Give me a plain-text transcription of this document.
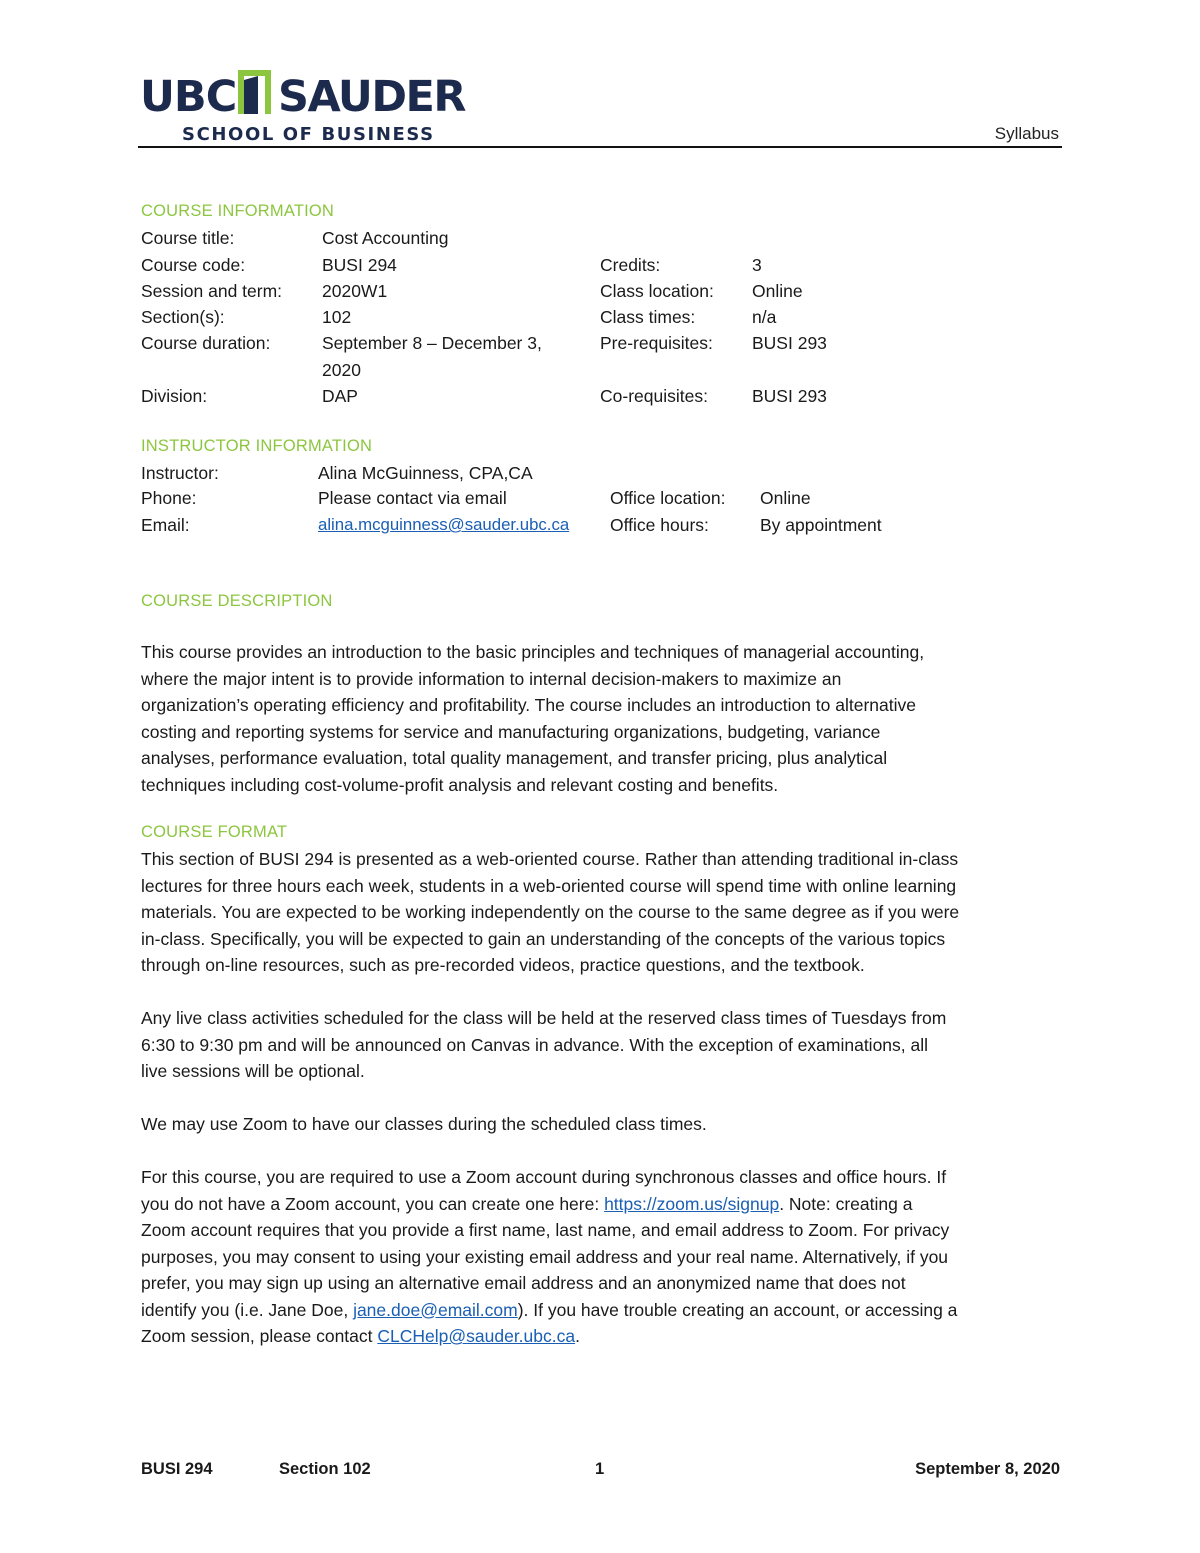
UBC SAUDER
SCHOOL OF BUSINESS	Syllabus
COURSE INFORMATION
Course title:	Cost Accounting
Course code:	BUSI 294	Credits:	3
Session and term: 2020W1	Class location: Online
Section(s):	102	Class times:	n/a
Course duration:	September 8 – December 3,	Pre-requisites: BUSI 293
2020
Division:	DAP	Co-requisites:	BUSI 293
INSTRUCTOR INFORMATION
Instructor:	Alina McGuinness, CPA,CA
Phone:	Please contact via email	Office location: Online
Email:	alina.mcguinness@sauder.ubc.ca Office hours:	By appointment
COURSE DESCRIPTION

This course provides an introduction to the basic principles and techniques of managerial accounting,

where the major intent is to provide information to internal decision-makers to maximize an

organization’s operating efficiency and profitability. The course includes an introduction to alternative

costing and reporting systems for service and manufacturing organizations, budgeting, variance

analyses, performance evaluation, total quality management, and transfer pricing, plus analytical

techniques including cost-volume-profit analysis and relevant costing and benefits.

COURSE FORMAT

This section of BUSI 294 is presented as a web-oriented course. Rather than attending traditional in-class

lectures for three hours each week, students in a web-oriented course will spend time with online learning

materials. You are expected to be working independently on the course to the same degree as if you were

in-class. Specifically, you will be expected to gain an understanding of the concepts of the various topics

through on-line resources, such as pre-recorded videos, practice questions, and the textbook.

Any live class activities scheduled for the class will be held at the reserved class times of Tuesdays from

6:30 to 9:30 pm and will be announced on Canvas in advance. With the exception of examinations, all

live sessions will be optional.

We may use Zoom to have our classes during the scheduled class times.

For this course, you are required to use a Zoom account during synchronous classes and office hours. If

you do not have a Zoom account, you can create one here: https://zoom.us/signup. Note: creating a

Zoom account requires that you provide a first name, last name, and email address to Zoom. For privacy

purposes, you may consent to using your existing email address and your real name. Alternatively, if you

prefer, you may sign up using an alternative email address and an anonymized name that does not

identify you (i.e. Jane Doe, jane.doe@email.com). If you have trouble creating an account, or accessing a

Zoom session, please contact CLCHelp@sauder.ubc.ca.

BUSI 294	Section 102	1	September 8, 2020
